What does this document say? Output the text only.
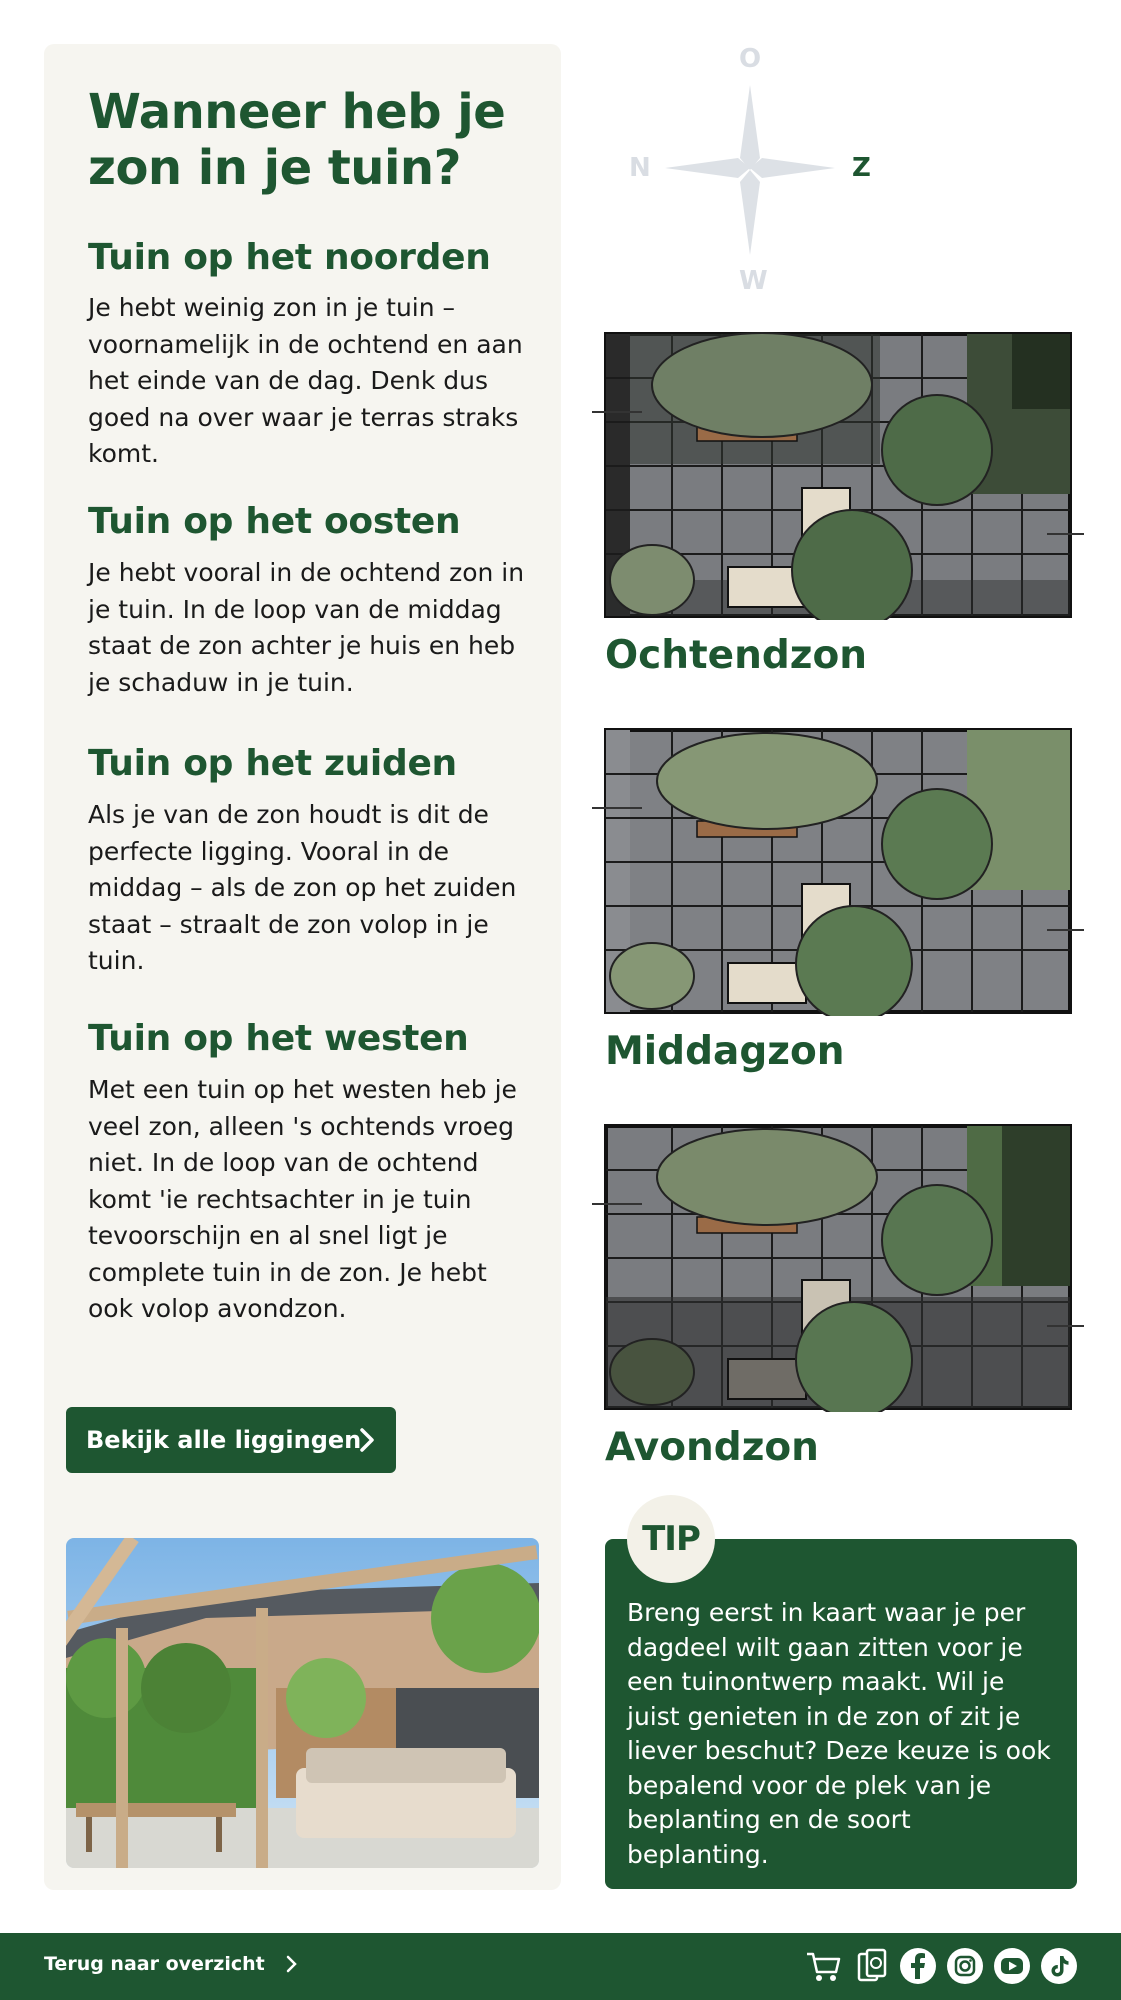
Wanneer heb je zon in je tuin?
Tuin op het noorden

Je hebt weinig zon in je tuin – voornamelijk in de ochtend en aan het einde van de dag. Denk dus goed na over waar je terras straks komt.

Tuin op het oosten

Je hebt vooral in de ochtend zon in je tuin. In de loop van de middag staat de zon achter je huis en heb je schaduw in je tuin.

Tuin op het zuiden

Als je van de zon houdt is dit de perfecte ligging. Vooral in de middag – als de zon op het zuiden staat – straalt de zon volop in je tuin.

Tuin op het westen

Met een tuin op het westen heb je veel zon, alleen 's ochtends vroeg niet. In de loop van de ochtend komt 'ie rechtsachter in je tuin tevoorschijn en al snel ligt je complete tuin in de zon. Je hebt ook volop avondzon.

Bekijk alle liggingen
O
N	Z
W
Ochtendzon
Middagzon
Avondzon
TIP

Breng eerst in kaart waar je per dagdeel wilt gaan zitten voor je een tuinontwerp maakt. Wil je juist genieten in de zon of zit je liever beschut? Deze keuze is ook bepalend voor de plek van je beplanting en de soort beplanting.

Terug naar overzicht
